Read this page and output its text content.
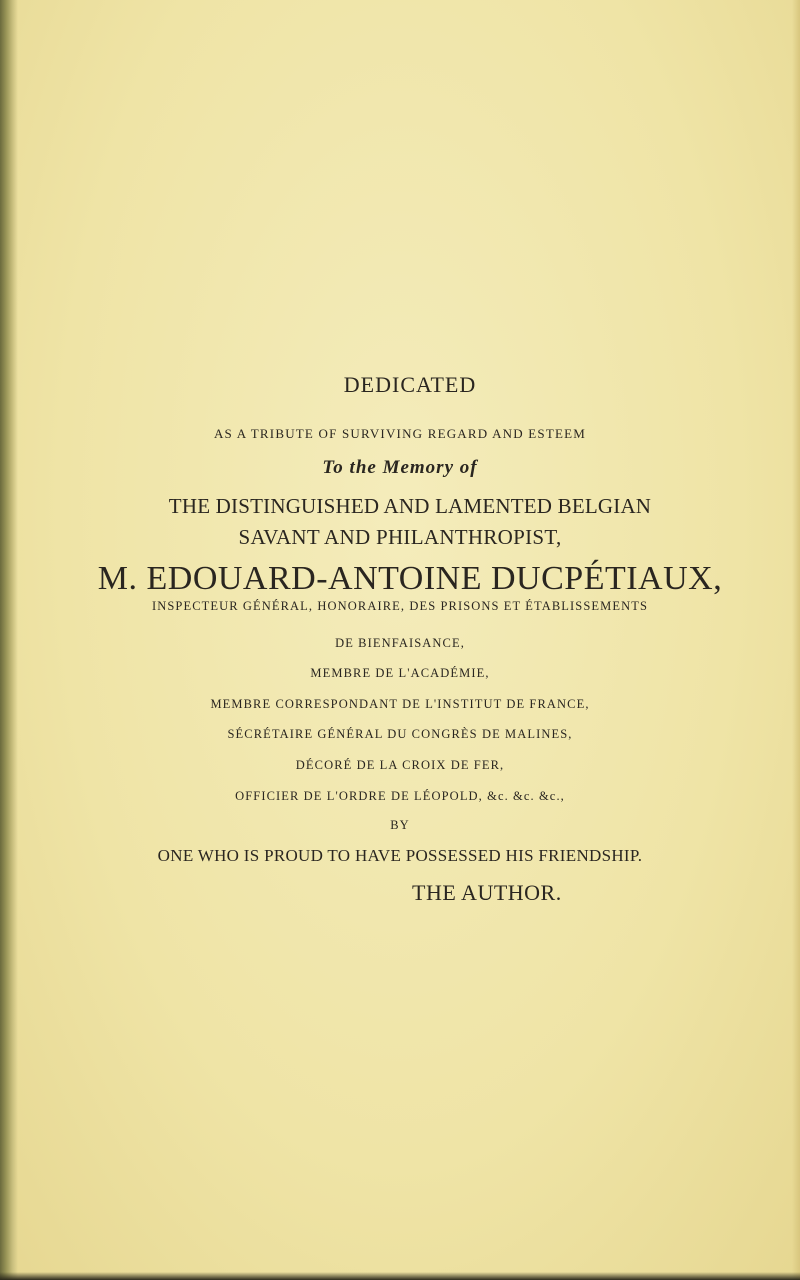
DEDICATED
AS A TRIBUTE OF SURVIVING REGARD AND ESTEEM
To the Memory of
THE DISTINGUISHED AND LAMENTED BELGIAN
SAVANT AND PHILANTHROPIST,
M. EDOUARD-ANTOINE DUCPÉTIAUX,
INSPECTEUR GÉNÉRAL, HONORAIRE, DES PRISONS ET ÉTABLISSEMENTS
DE BIENFAISANCE,
MEMBRE DE L'ACADÉMIE,
MEMBRE CORRESPONDANT DE L'INSTITUT DE FRANCE,
SÉCRÉTAIRE GÉNÉRAL DU CONGRÈS DE MALINES,
DÉCORÉ DE LA CROIX DE FER,
OFFICIER DE L'ORDRE DE LÉOPOLD, &c. &c. &c.,
BY
ONE WHO IS PROUD TO HAVE POSSESSED HIS FRIENDSHIP.
THE AUTHOR.
